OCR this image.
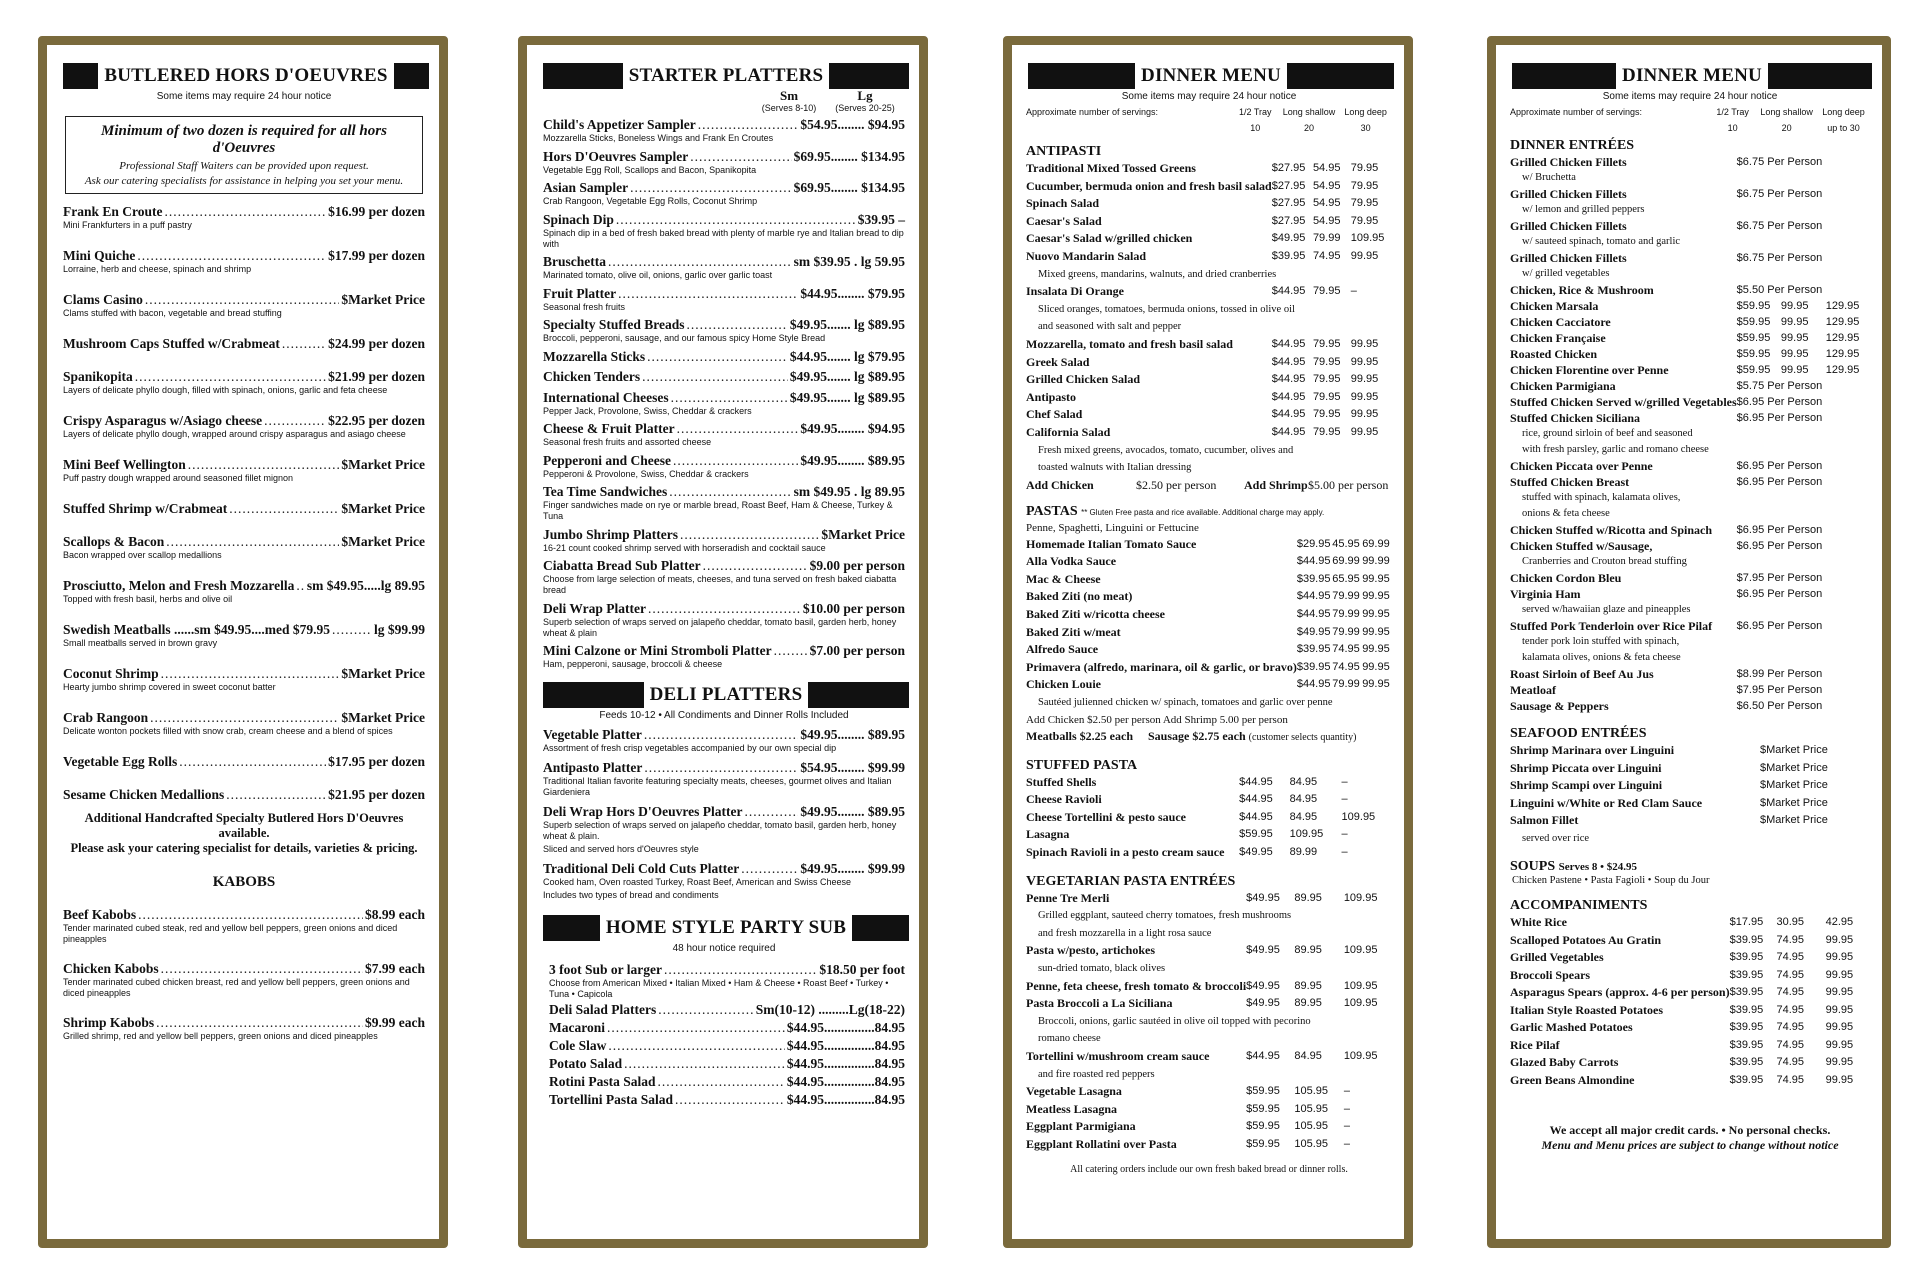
BUTLERED HORS D'OEUVRES
Some items may require 24 hour notice
Minimum of two dozen is required for all hors d'Oeuvres
Professional Staff Waiters can be provided upon request.
Ask our catering specialists for assistance in helping you set your menu.
Frank En Croute .....	$16.99 per dozen
Mini Frankfurters in a puff pastry
Mini Quiche .....	$17.99 per dozen
Lorraine, herb and cheese, spinach and shrimp
Clams Casino .....	$Market Price
Clams stuffed with bacon, vegetable and bread stuffing
Mushroom Caps Stuffed w/Crabmeat .....	$24.99 per dozen
Spanikopita .....	$21.99 per dozen
Layers of delicate phyllo dough, filled with spinach, onions, garlic and feta cheese
Crispy Asparagus w/Asiago cheese .....	$22.95 per dozen
Layers of delicate phyllo dough, wrapped around crispy asparagus and asiago cheese
Mini Beef Wellington .....	$Market Price
Puff pastry dough wrapped around seasoned fillet mignon
Stuffed Shrimp w/Crabmeat .....	$Market Price
Scallops & Bacon .....	$Market Price
Bacon wrapped over scallop medallions
Prosciutto, Melon and Fresh Mozzarella ..... sm $49.95.....lg 89.95
Topped with fresh basil, herbs and olive oil
Swedish Meatballs ......sm $49.95....med $79.95 .....	lg $99.99
Small meatballs served in brown gravy
Coconut Shrimp .....	$Market Price
Hearty jumbo shrimp covered in sweet coconut batter
Crab Rangoon .....	$Market Price
Delicate wonton pockets filled with snow crab, cream cheese and a blend of spices
Vegetable Egg Rolls .....	$17.95 per dozen
Sesame Chicken Medallions .....	$21.95 per dozen
Additional Handcrafted Specialty Butlered Hors D'Oeuvres available.
Please ask your catering specialist for details, varieties & pricing.
KABOBS
Beef Kabobs .....	$8.99 each
Tender marinated cubed steak, red and yellow bell peppers, green onions and diced pineapples
Chicken Kabobs .....	$7.99 each
Tender marinated cubed chicken breast, red and yellow bell peppers, green onions and diced pineapples
Shrimp Kabobs .....	$9.99 each
Grilled shrimp, red and yellow bell peppers, green onions and diced pineapples
STARTER PLATTERS
Sm
(Serves 8-10)
Lg
(Serves 20-25)
Child's Appetizer Sampler .....	$54.95........ $94.95
Mozzarella Sticks, Boneless Wings and Frank En Croutes
Hors D'Oeuvres Sampler .....	$69.95........ $134.95
Vegetable Egg Roll, Scallops and Bacon, Spanikopita
Asian Sampler .....	$69.95........ $134.95
Crab Rangoon, Vegetable Egg Rolls, Coconut Shrimp
Spinach Dip .....	$39.95 –
Spinach dip in a bed of fresh baked bread with plenty of marble rye and Italian bread to dip with
Bruschetta .....	sm $39.95 . lg 59.95
Marinated tomato, olive oil, onions, garlic over garlic toast
Fruit Platter .....	$44.95........ $79.95
Seasonal fresh fruits
Specialty Stuffed Breads .....	$49.95....... lg $89.95
Broccoli, pepperoni, sausage, and our famous spicy Home Style Bread
Mozzarella Sticks .....	$44.95....... lg $79.95
Chicken Tenders .....	$49.95....... lg $89.95
International Cheeses .....	$49.95....... lg $89.95
Pepper Jack, Provolone, Swiss, Cheddar & crackers
Cheese & Fruit Platter .....	$49.95........ $94.95
Seasonal fresh fruits and assorted cheese
Pepperoni and Cheese .....	$49.95........ $89.95
Pepperoni & Provolone, Swiss, Cheddar & crackers
Tea Time Sandwiches .....	sm $49.95 . lg 89.95
Finger sandwiches made on rye or marble bread, Roast Beef, Ham & Cheese, Turkey & Tuna
Jumbo Shrimp Platters .....	$Market Price
16-21 count cooked shrimp served with horseradish and cocktail sauce
Ciabatta Bread Sub Platter .....	$9.00 per person
Choose from large selection of meats, cheeses, and tuna served on fresh baked ciabatta bread
Deli Wrap Platter .....	$10.00 per person
Superb selection of wraps served on jalapeño cheddar, tomato basil, garden herb, honey wheat & plain
Mini Calzone or Mini Stromboli Platter .....	$7.00 per person
Ham, pepperoni, sausage, broccoli & cheese
DELI PLATTERS
Feeds 10-12 • All Condiments and Dinner Rolls Included
Vegetable Platter .....	$49.95........ $89.95
Assortment of fresh crisp vegetables accompanied by our own special dip
Antipasto Platter .....	$54.95........ $99.99
Traditional Italian favorite featuring specialty meats, cheeses, gourmet olives and Italian Giardeniera
Deli Wrap Hors D'Oeuvres Platter .....	$49.95........ $89.95
Superb selection of wraps served on jalapeño cheddar, tomato basil, garden herb, honey wheat & plain.
Sliced and served hors d'Oeuvres style
Traditional Deli Cold Cuts Platter .....	$49.95........ $99.99
Cooked ham, Oven roasted Turkey, Roast Beef, American and Swiss Cheese
Includes two types of bread and condiments
HOME STYLE PARTY SUB
48 hour notice required
3 foot Sub or larger .....	$18.50 per foot
Choose from American Mixed • Italian Mixed • Ham & Cheese • Roast Beef • Turkey • Tuna • Capicola
Deli Salad Platters .....	Sm(10-12) .........Lg(18-22)
Macaroni .....	$44.95...............84.95
Cole Slaw .....	$44.95...............84.95
Potato Salad .....	$44.95...............84.95
Rotini Pasta Salad .....	$44.95...............84.95
Tortellini Pasta Salad .....	$44.95...............84.95
DINNER MENU
Some items may require 24 hour notice
Approximate number of servings:	1/2 Tray
10
Long shallow
20
Long deep
30
ANTIPASTI
Traditional Mixed Tossed Greens	$27.95	54.95	79.95
Cucumber, bermuda onion and fresh basil salad	$27.95	54.95	79.95
Spinach Salad	$27.95	54.95	79.95
Caesar's Salad	$27.95	54.95	79.95
Caesar's Salad w/grilled chicken	$49.95	79.99	109.95
Nuovo Mandarin Salad	$39.95	74.95	99.95
Mixed greens, mandarins, walnuts, and dried cranberries			
Insalata Di Orange	$44.95	79.95	–
Sliced oranges, tomatoes, bermuda onions, tossed in olive oil			
and seasoned with salt and pepper			
Mozzarella, tomato and fresh basil salad	$44.95	79.95	99.95
Greek Salad	$44.95	79.95	99.95
Grilled Chicken Salad	$44.95	79.95	99.95
Antipasto	$44.95	79.95	99.95
Chef Salad	$44.95	79.95	99.95
California Salad	$44.95	79.95	99.95
Fresh mixed greens, avocados, tomato, cucumber, olives and			
toasted walnuts with Italian dressing			
Add Chicken	$2.50 per person	Add Shrimp $5.00 per person
PASTAS ** Gluten Free pasta and rice available. Additional charge may apply.
Penne, Spaghetti, Linguini or Fettucine
Homemade Italian Tomato Sauce	$29.95	45.95	69.99
Alla Vodka Sauce	$44.95	69.99	99.99
Mac & Cheese	$39.95	65.95	99.95
Baked Ziti (no meat)	$44.95	79.99	99.95
Baked Ziti w/ricotta cheese	$44.95	79.99	99.95
Baked Ziti w/meat	$49.95	79.99	99.95
Alfredo Sauce	$39.95	74.95	99.95
Primavera (alfredo, marinara, oil & garlic, or bravo)	$39.95	74.95	99.95
Chicken Louie	$44.95	79.99	99.95
Sautéed julienned chicken w/ spinach, tomatoes and garlic over penne			
Add Chicken $2.50 per person Add Shrimp 5.00 per person
Meatballs $2.25 each Sausage $2.75 each (customer selects quantity)
STUFFED PASTA
Stuffed Shells	$44.95	84.95	–
Cheese Ravioli	$44.95	84.95	–
Cheese Tortellini & pesto sauce	$44.95	84.95	109.95
Lasagna	$59.95	109.95	–
Spinach Ravioli in a pesto cream sauce	$49.95	89.99	–
VEGETARIAN PASTA ENTRÉES
Penne Tre Merli	$49.95	89.95	109.95
Grilled eggplant, sauteed cherry tomatoes, fresh mushrooms			
and fresh mozzarella in a light rosa sauce			
Pasta w/pesto, artichokes	$49.95	89.95	109.95
sun-dried tomato, black olives			
Penne, feta cheese, fresh tomato & broccoli	$49.95	89.95	109.95
Pasta Broccoli a La Siciliana	$49.95	89.95	109.95
Broccoli, onions, garlic sautéed in olive oil topped with pecorino			
romano cheese			
Tortellini w/mushroom cream sauce	$44.95	84.95	109.95
and fire roasted red peppers			
Vegetable Lasagna	$59.95	105.95	–
Meatless Lasagna	$59.95	105.95	–
Eggplant Parmigiana	$59.95	105.95	–
Eggplant Rollatini over Pasta	$59.95	105.95	–
All catering orders include our own fresh baked bread or dinner rolls.
DINNER MENU
Some items may require 24 hour notice
Approximate number of servings:	1/2 Tray
10
Long shallow
20
Long deep
up to 30
DINNER ENTRÉES
Grilled Chicken Fillets	$6.75 Per Person		
w/ Bruchetta			
Grilled Chicken Fillets	$6.75 Per Person		
w/ lemon and grilled peppers			
Grilled Chicken Fillets	$6.75 Per Person		
w/ sauteed spinach, tomato and garlic			
Grilled Chicken Fillets	$6.75 Per Person		
w/ grilled vegetables			
Chicken, Rice & Mushroom	$5.50 Per Person		
Chicken Marsala	$59.95	99.95	129.95
Chicken Cacciatore	$59.95	99.95	129.95
Chicken Française	$59.95	99.95	129.95
Roasted Chicken	$59.95	99.95	129.95
Chicken Florentine over Penne	$59.95	99.95	129.95
Chicken Parmigiana	$5.75 Per Person		
Stuffed Chicken Served w/grilled Vegetables	$6.95 Per Person		
Stuffed Chicken Siciliana	$6.95 Per Person		
rice, ground sirloin of beef and seasoned			
with fresh parsley, garlic and romano cheese			
Chicken Piccata over Penne	$6.95 Per Person		
Stuffed Chicken Breast	$6.95 Per Person		
stuffed with spinach, kalamata olives,			
onions & feta cheese			
Chicken Stuffed w/Ricotta and Spinach	$6.95 Per Person		
Chicken Stuffed w/Sausage,	$6.95 Per Person		
Cranberries and Crouton bread stuffing			
Chicken Cordon Bleu	$7.95 Per Person		
Virginia Ham	$6.95 Per Person		
served w/hawaiian glaze and pineapples			
Stuffed Pork Tenderloin over Rice Pilaf	$6.95 Per Person		
tender pork loin stuffed with spinach,			
kalamata olives, onions & feta cheese			
Roast Sirloin of Beef Au Jus	$8.99 Per Person		
Meatloaf	$7.95 Per Person		
Sausage & Peppers	$6.50 Per Person		
SEAFOOD ENTRÉES
Shrimp Marinara over Linguini	$Market Price
Shrimp Piccata over Linguini	$Market Price
Shrimp Scampi over Linguini	$Market Price
Linguini w/White or Red Clam Sauce	$Market Price
Salmon Fillet	$Market Price
served over rice	
SOUPS Serves 8 • $24.95
Chicken Pastene • Pasta Fagioli • Soup du Jour
ACCOMPANIMENTS
White Rice	$17.95	30.95	42.95
Scalloped Potatoes Au Gratin	$39.95	74.95	99.95
Grilled Vegetables	$39.95	74.95	99.95
Broccoli Spears	$39.95	74.95	99.95
Asparagus Spears (approx. 4-6 per person)	$39.95	74.95	99.95
Italian Style Roasted Potatoes	$39.95	74.95	99.95
Garlic Mashed Potatoes	$39.95	74.95	99.95
Rice Pilaf	$39.95	74.95	99.95
Glazed Baby Carrots	$39.95	74.95	99.95
Green Beans Almondine	$39.95	74.95	99.95
We accept all major credit cards. • No personal checks.
Menu and Menu prices are subject to change without notice
